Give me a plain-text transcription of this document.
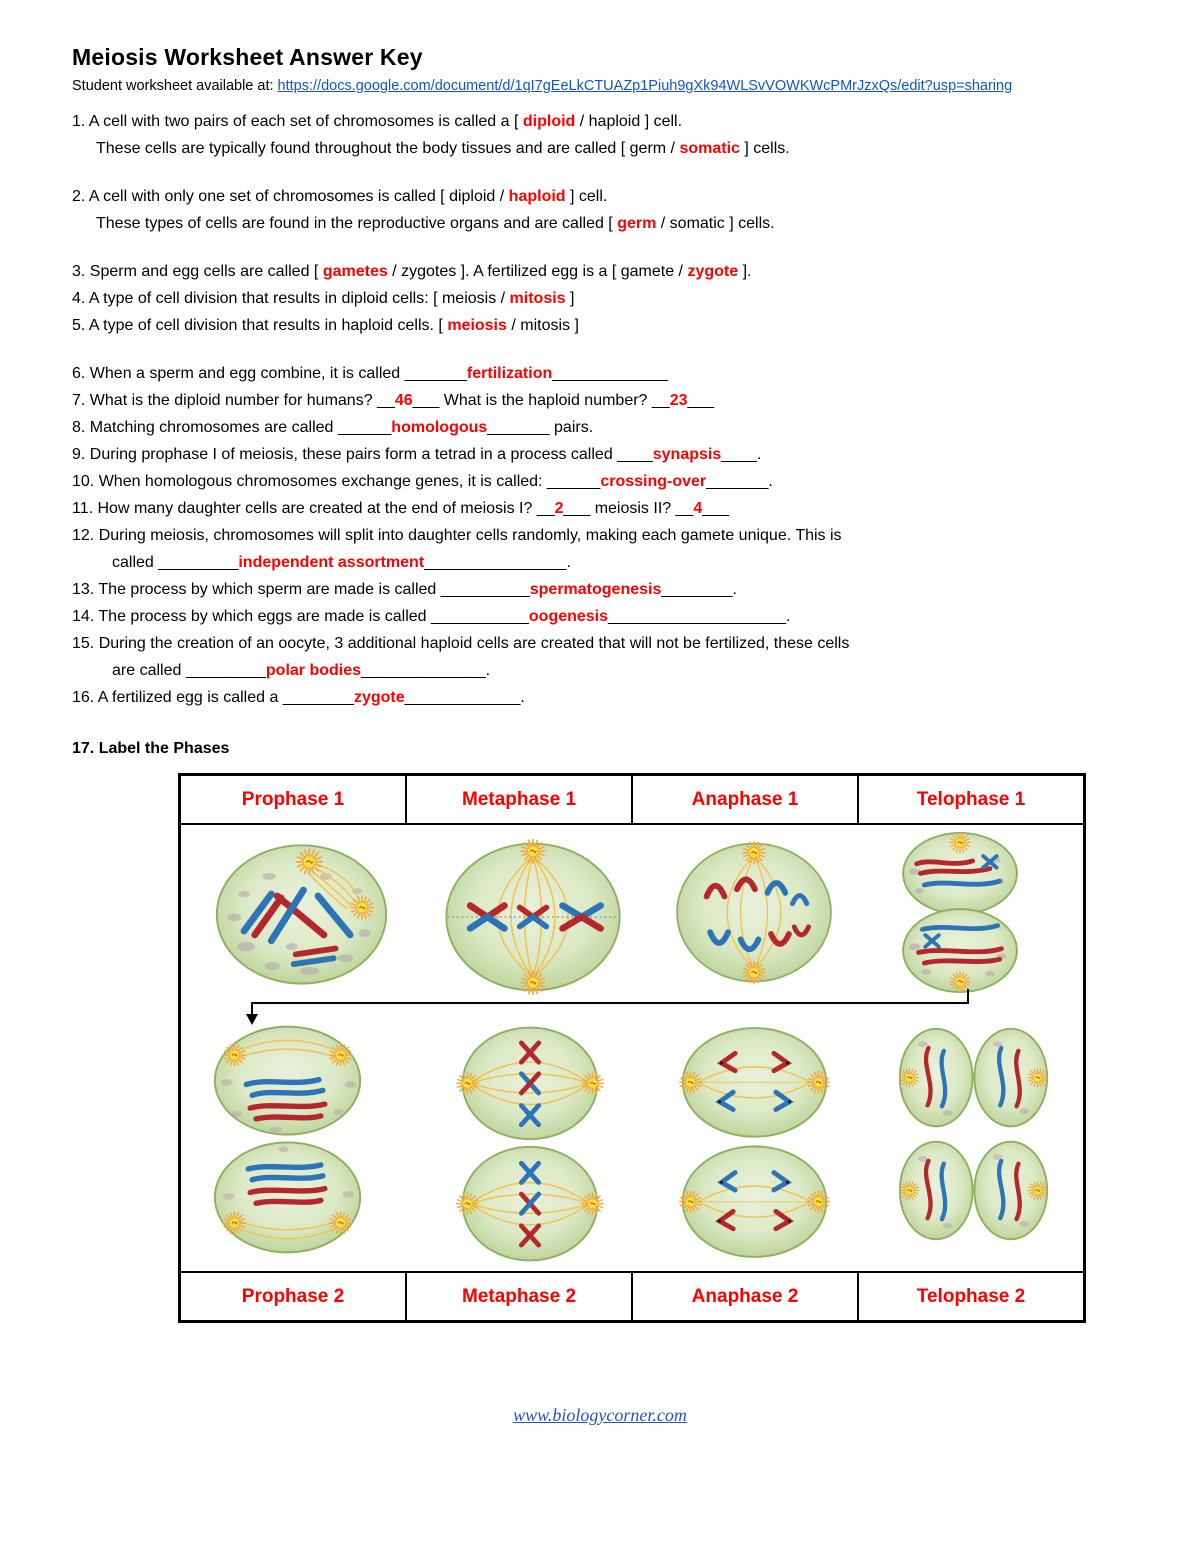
Meiosis Worksheet Answer Key
Student worksheet available at: https://docs.google.com/document/d/1qI7gEeLkCTUAZp1Piuh9gXk94WLSvVOWKWcPMrJzxQs/edit?usp=sharing

1. A cell with two pairs of each set of chromosomes is called a [ diploid / haploid ] cell.

These cells are typically found throughout the body tissues and are called [ germ / somatic ] cells.

2. A cell with only one set of chromosomes is called [ diploid / haploid ] cell.

These types of cells are found in the reproductive organs and are called [ germ / somatic ] cells.

3. Sperm and egg cells are called [ gametes / zygotes ]. A fertilized egg is a [ gamete / zygote ].

4. A type of cell division that results in diploid cells: [ meiosis / mitosis ]

5. A type of cell division that results in haploid cells. [ meiosis / mitosis ]

6. When a sperm and egg combine, it is called _______fertilization_____________

7. What is the diploid number for humans? __46___ What is the haploid number? __23___

8. Matching chromosomes are called ______homologous_______ pairs.

9. During prophase I of meiosis, these pairs form a tetrad in a process called ____synapsis____.

10. When homologous chromosomes exchange genes, it is called: ______crossing-over_______.

11. How many daughter cells are created at the end of meiosis I? __2___ meiosis II? __4___

12. During meiosis, chromosomes will split into daughter cells randomly, making each gamete unique. This is

called _________independent assortment________________.

13. The process by which sperm are made is called __________spermatogenesis________.

14. The process by which eggs are made is called ___________oogenesis____________________.

15. During the creation of an oocyte, 3 additional haploid cells are created that will not be fertilized, these cells

are called _________polar bodies______________.

16. A fertilized egg is called a ________zygote_____________.

17. Label the Phases
Prophase 1	Metaphase 1	Anaphase 1	Telophase 1
Prophase 2	Metaphase 2	Anaphase 2	Telophase 2
www.biologycorner.com
